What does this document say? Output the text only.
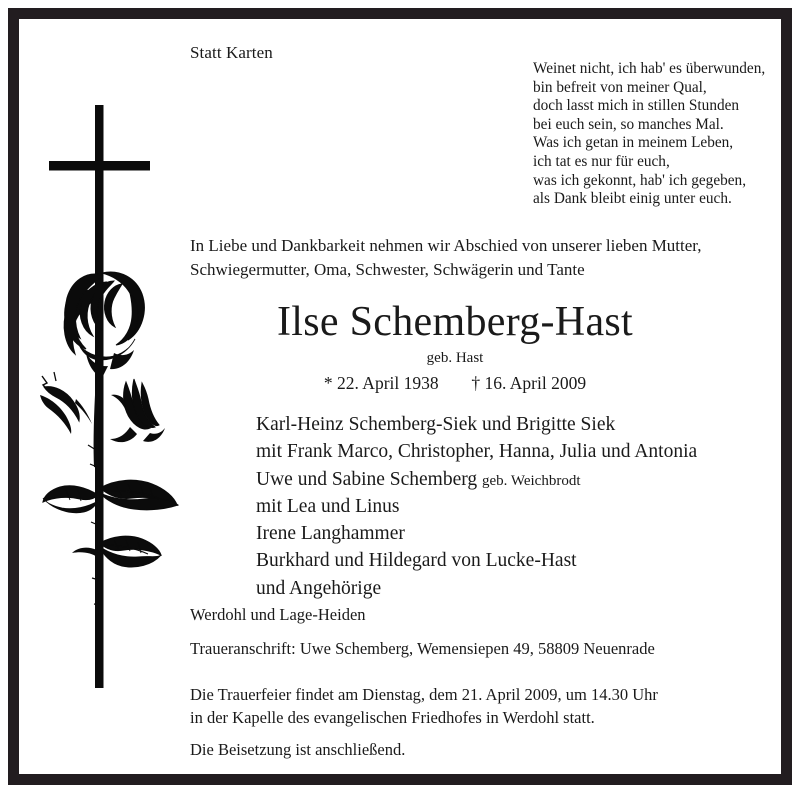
Statt Karten
Weinet nicht, ich hab' es überwunden,
bin befreit von meiner Qual,
doch lasst mich in stillen Stunden
bei euch sein, so manches Mal.
Was ich getan in meinem Leben,
ich tat es nur für euch,
was ich gekonnt, hab' ich gegeben,
als Dank bleibt einig unter euch.
In Liebe und Dankbarkeit nehmen wir Abschied von unserer lieben Mutter,
Schwiegermutter, Oma, Schwester, Schwägerin und Tante
Ilse Schemberg-Hast
geb. Hast
* 22. April 1938 † 16. April 2009
Karl-Heinz Schemberg-Siek und Brigitte Siek
mit Frank Marco, Christopher, Hanna, Julia und Antonia
Uwe und Sabine Schemberg geb. Weichbrodt
mit Lea und Linus
Irene Langhammer
Burkhard und Hildegard von Lucke-Hast
und Angehörige
Werdohl und Lage-Heiden
Traueranschrift: Uwe Schemberg, Wemensiepen 49, 58809 Neuenrade
Die Trauerfeier findet am Dienstag, dem 21. April 2009, um 14.30 Uhr
in der Kapelle des evangelischen Friedhofes in Werdohl statt.
Die Beisetzung ist anschließend.
